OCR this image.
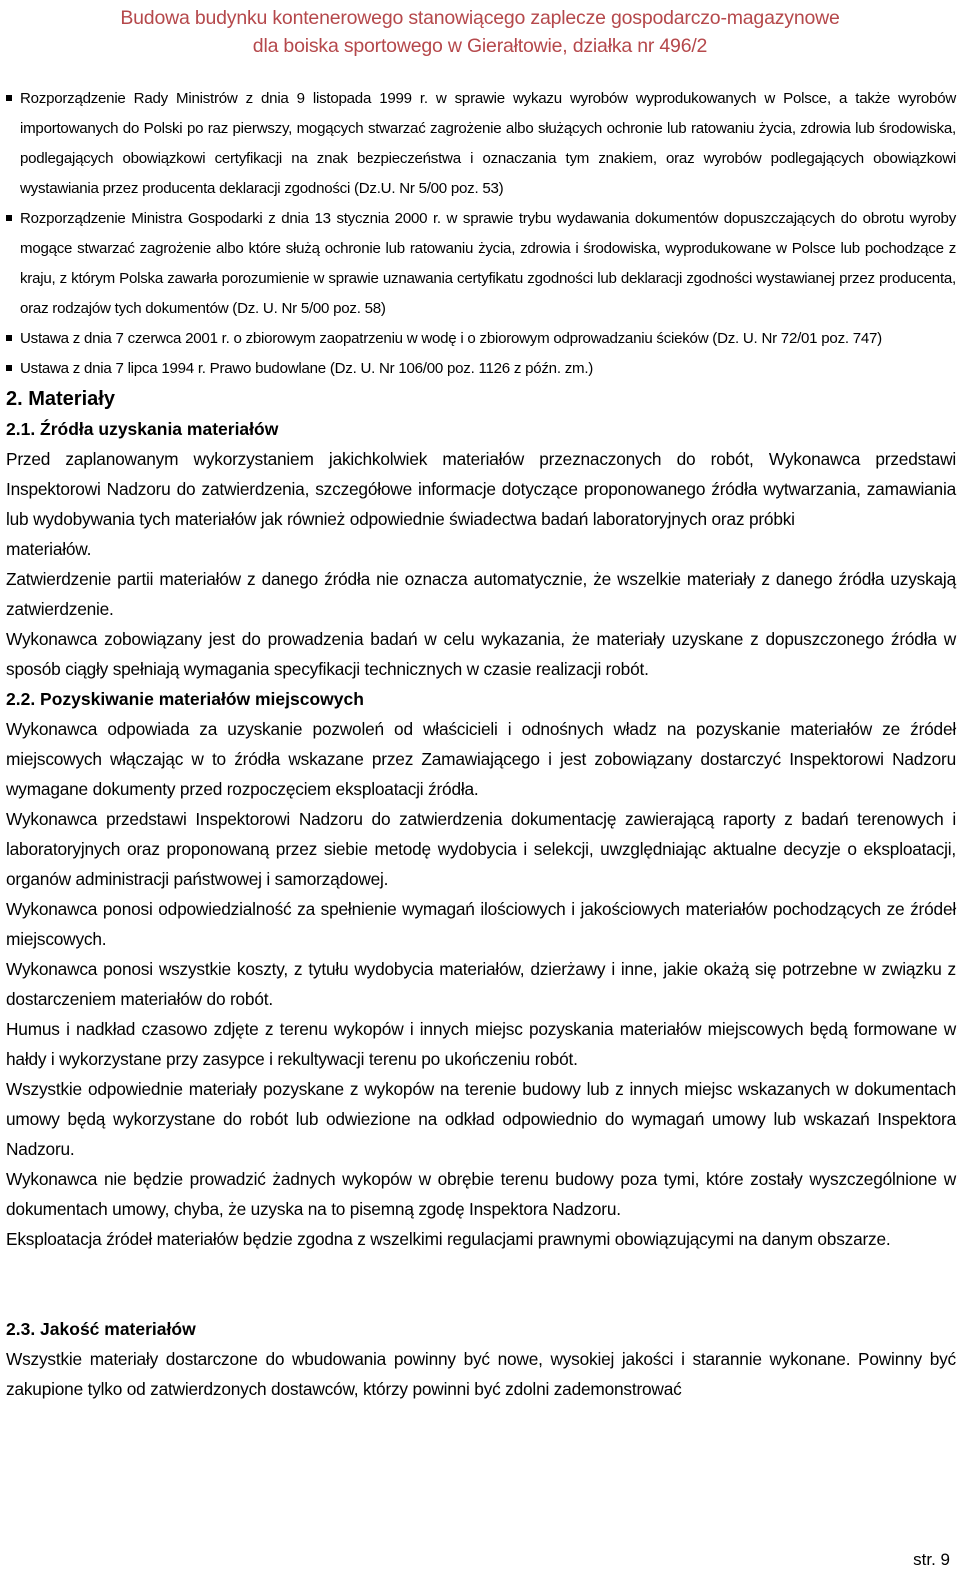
Budowa budynku kontenerowego stanowiącego zaplecze gospodarczo-magazynowe
dla boiska sportowego w Gierałtowie, działka nr 496/2
Rozporządzenie Rady Ministrów z dnia 9 listopada 1999 r. w sprawie wykazu wyrobów wyprodukowanych w Polsce, a także wyrobów importowanych do Polski po raz pierwszy, mogących stwarzać zagrożenie albo służących ochronie lub ratowaniu życia, zdrowia lub środowiska, podlegających obowiązkowi certyfikacji na znak bezpieczeństwa i oznaczania tym znakiem, oraz wyrobów podlegających obowiązkowi wystawiania przez producenta deklaracji zgodności (Dz.U. Nr 5/00 poz. 53)
Rozporządzenie Ministra Gospodarki z dnia 13 stycznia 2000 r. w sprawie trybu wydawania dokumentów dopuszczających do obrotu wyroby mogące stwarzać zagrożenie albo które służą ochronie lub ratowaniu życia, zdrowia i środowiska, wyprodukowane w Polsce lub pochodzące z kraju, z którym Polska zawarła porozumienie w sprawie uznawania certyfikatu zgodności lub deklaracji zgodności wystawianej przez producenta, oraz rodzajów tych dokumentów (Dz. U. Nr 5/00 poz. 58)
Ustawa z dnia 7 czerwca 2001 r. o zbiorowym zaopatrzeniu w wodę i o zbiorowym odprowadzaniu ścieków (Dz. U. Nr 72/01 poz. 747)
Ustawa z dnia 7 lipca 1994 r. Prawo budowlane (Dz. U. Nr 106/00 poz. 1126 z późn. zm.)
2. Materiały
2.1. Źródła uzyskania materiałów

Przed zaplanowanym wykorzystaniem jakichkolwiek materiałów przeznaczonych do robót, Wykonawca przedstawi Inspektorowi Nadzoru do zatwierdzenia, szczegółowe informacje dotyczące proponowanego źródła wytwarzania, zamawiania lub wydobywania tych materiałów jak również odpowiednie świadectwa badań laboratoryjnych oraz próbki

materiałów.

Zatwierdzenie partii materiałów z danego źródła nie oznacza automatycznie, że wszelkie materiały z danego źródła uzyskają zatwierdzenie.

Wykonawca zobowiązany jest do prowadzenia badań w celu wykazania, że materiały uzyskane z dopuszczonego źródła w sposób ciągły spełniają wymagania specyfikacji technicznych w czasie realizacji robót.

2.2. Pozyskiwanie materiałów miejscowych

Wykonawca odpowiada za uzyskanie pozwoleń od właścicieli i odnośnych władz na pozyskanie materiałów ze źródeł miejscowych włączając w to źródła wskazane przez Zamawiającego i jest zobowiązany dostarczyć Inspektorowi Nadzoru wymagane dokumenty przed rozpoczęciem eksploatacji źródła.

Wykonawca przedstawi Inspektorowi Nadzoru do zatwierdzenia dokumentację zawierającą raporty z badań terenowych i laboratoryjnych oraz proponowaną przez siebie metodę wydobycia i selekcji, uwzględniając aktualne decyzje o eksploatacji, organów administracji państwowej i samorządowej.

Wykonawca ponosi odpowiedzialność za spełnienie wymagań ilościowych i jakościowych materiałów pochodzących ze źródeł miejscowych.

Wykonawca ponosi wszystkie koszty, z tytułu wydobycia materiałów, dzierżawy i inne, jakie okażą się potrzebne w związku z dostarczeniem materiałów do robót.

Humus i nadkład czasowo zdjęte z terenu wykopów i innych miejsc pozyskania materiałów miejscowych będą formowane w hałdy i wykorzystane przy zasypce i rekultywacji terenu po ukończeniu robót.

Wszystkie odpowiednie materiały pozyskane z wykopów na terenie budowy lub z innych miejsc wskazanych w dokumentach umowy będą wykorzystane do robót lub odwiezione na odkład odpowiednio do wymagań umowy lub wskazań Inspektora Nadzoru.

Wykonawca nie będzie prowadzić żadnych wykopów w obrębie terenu budowy poza tymi, które zostały wyszczególnione w dokumentach umowy, chyba, że uzyska na to pisemną zgodę Inspektora Nadzoru.

Eksploatacja źródeł materiałów będzie zgodna z wszelkimi regulacjami prawnymi obowiązującymi na danym obszarze.

2.3. Jakość materiałów

Wszystkie materiały dostarczone do wbudowania powinny być nowe, wysokiej jakości i starannie wykonane. Powinny być zakupione tylko od zatwierdzonych dostawców, którzy powinni być zdolni zademonstrować

str. 9
